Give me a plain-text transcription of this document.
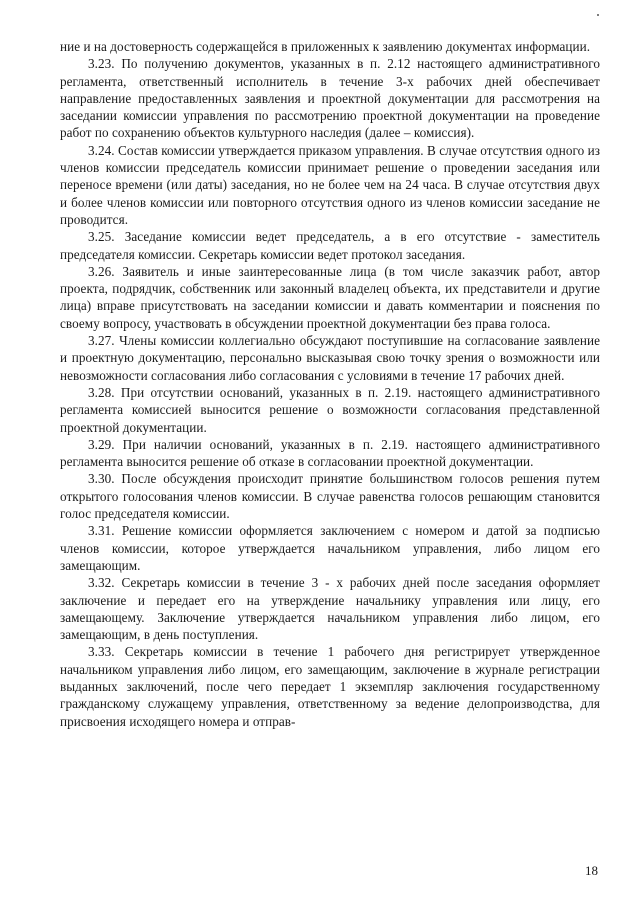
ние и на достоверность содержащейся в приложенных к заявлению документах информации.

3.23. По получению документов, указанных в п. 2.12 настоящего административного регламента, ответственный исполнитель в течение 3-х рабочих дней обеспечивает направление предоставленных заявления и проектной документации для рассмотрения на заседании комиссии управления по рассмотрению проектной документации на проведение работ по сохранению объектов культурного наследия (далее – комиссия).

3.24. Состав комиссии утверждается приказом управления. В случае отсутствия одного из членов комиссии председатель комиссии принимает решение о проведении заседания или переносе времени (или даты) заседания, но не более чем на 24 часа. В случае отсутствия двух и более членов комиссии или повторного отсутствия одного из членов комиссии заседание не проводится.

3.25. Заседание комиссии ведет председатель, а в его отсутствие - заместитель председателя комиссии. Секретарь комиссии ведет протокол заседания.

3.26. Заявитель и иные заинтересованные лица (в том числе заказчик работ, автор проекта, подрядчик, собственник или законный владелец объекта, их представители и другие лица) вправе присутствовать на заседании комиссии и давать комментарии и пояснения по своему вопросу, участвовать в обсуждении проектной документации без права голоса.

3.27. Члены комиссии коллегиально обсуждают поступившие на согласование заявление и проектную документацию, персонально высказывая свою точку зрения о возможности или невозможности согласования либо согласования с условиями в течение 17 рабочих дней.

3.28. При отсутствии оснований, указанных в п. 2.19. настоящего административного регламента комиссией выносится решение о возможности согласования представленной проектной документации.

3.29. При наличии оснований, указанных в п. 2.19. настоящего административного регламента выносится решение об отказе в согласовании проектной документации.

3.30. После обсуждения происходит принятие большинством голосов решения путем открытого голосования членов комиссии. В случае равенства голосов решающим становится голос председателя комиссии.

3.31. Решение комиссии оформляется заключением с номером и датой за подписью членов комиссии, которое утверждается начальником управления, либо лицом его замещающим.

3.32. Секретарь комиссии в течение 3 - х рабочих дней после заседания оформляет заключение и передает его на утверждение начальнику управления или лицу, его замещающему. Заключение утверждается начальником управления либо лицом, его замещающим, в день поступления.

3.33. Секретарь комиссии в течение 1 рабочего дня регистрирует утвержденное начальником управления либо лицом, его замещающим, заключение в журнале регистрации выданных заключений, после чего передает 1 экземпляр заключения государственному гражданскому служащему управления, ответственному за ведение делопроизводства, для присвоения исходящего номера и отправ-

18
